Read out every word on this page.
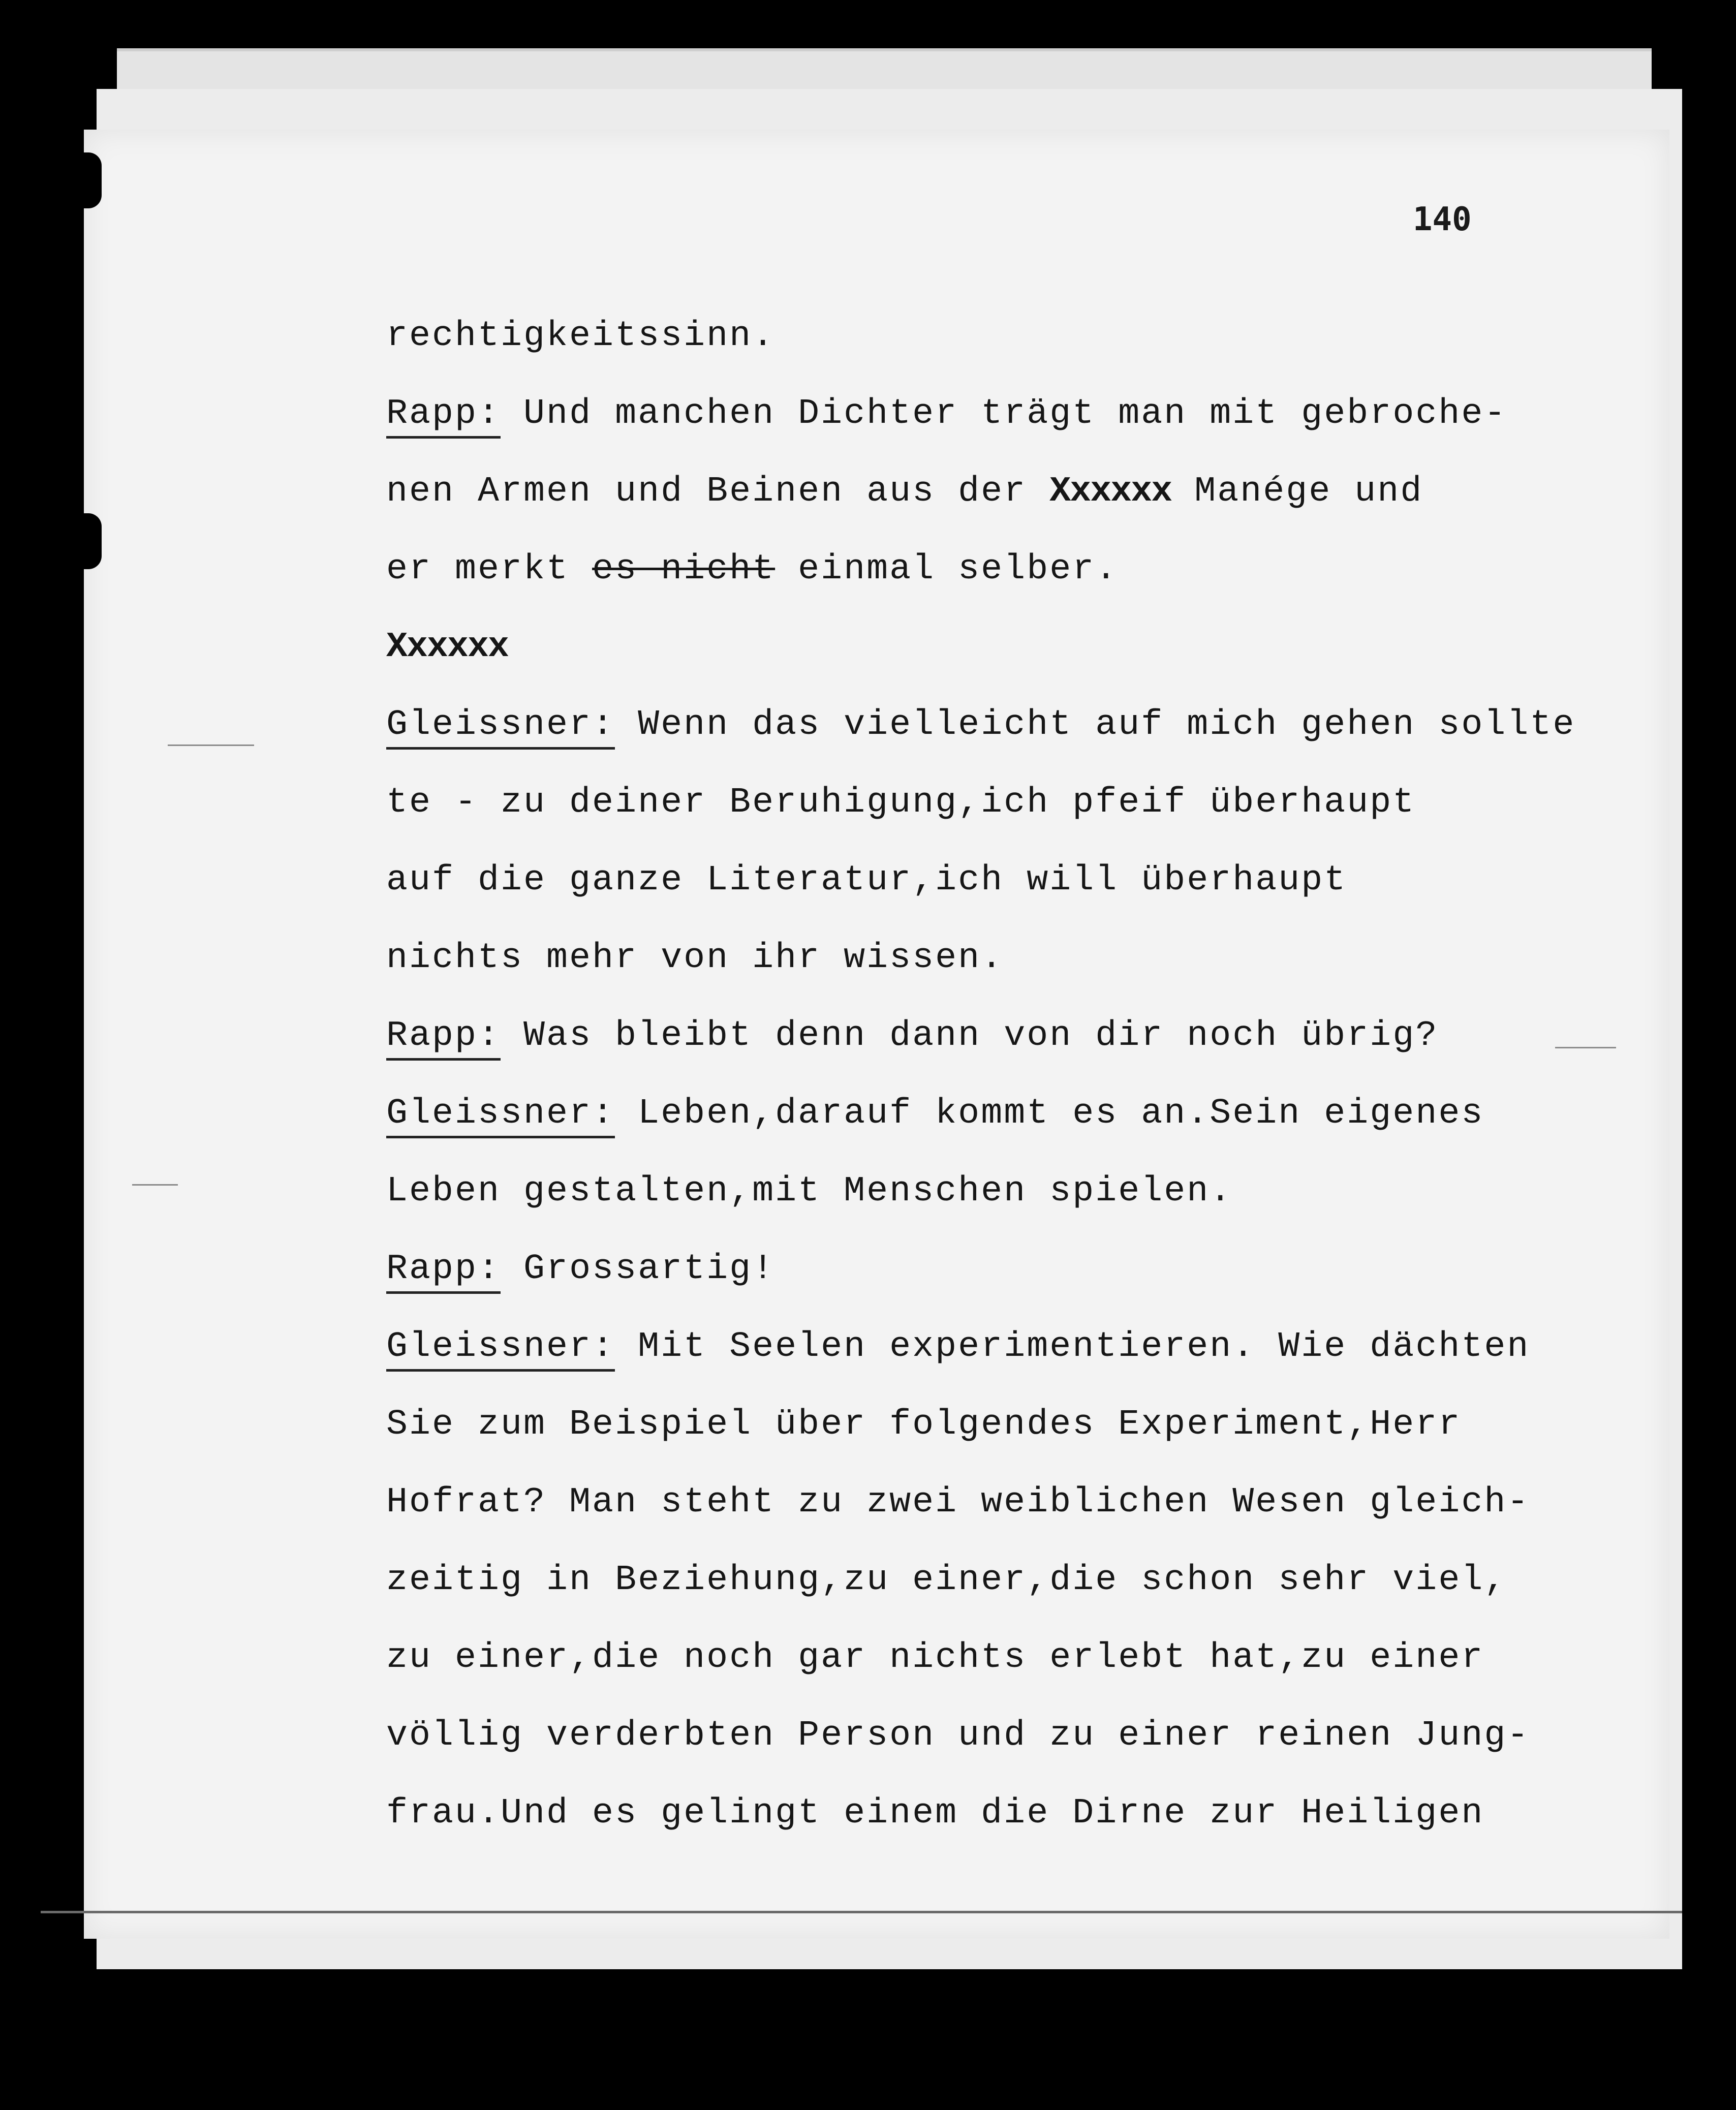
140
rechtigkeitssinn.
Rapp: Und manchen Dichter trägt man mit gebroche-
nen Armen und Beinen aus der Xxxxxx Manége und
er merkt es nicht einmal selber.
Xxxxxx
Gleissner: Wenn das vielleicht auf mich gehen sollte
te - zu deiner Beruhigung,ich pfeif überhaupt
auf die ganze Literatur,ich will überhaupt
nichts mehr von ihr wissen.
Rapp: Was bleibt denn dann von dir noch übrig?
Gleissner: Leben,darauf kommt es an.Sein eigenes
Leben gestalten,mit Menschen spielen.
Rapp: Grossartig!
Gleissner: Mit Seelen experimentieren. Wie dächten
Sie zum Beispiel über folgendes Experiment,Herr
Hofrat? Man steht zu zwei weiblichen Wesen gleich-
zeitig in Beziehung,zu einer,die schon sehr viel,
zu einer,die noch gar nichts erlebt hat,zu einer
völlig verderbten Person und zu einer reinen Jung-
frau.Und es gelingt einem die Dirne zur Heiligen
